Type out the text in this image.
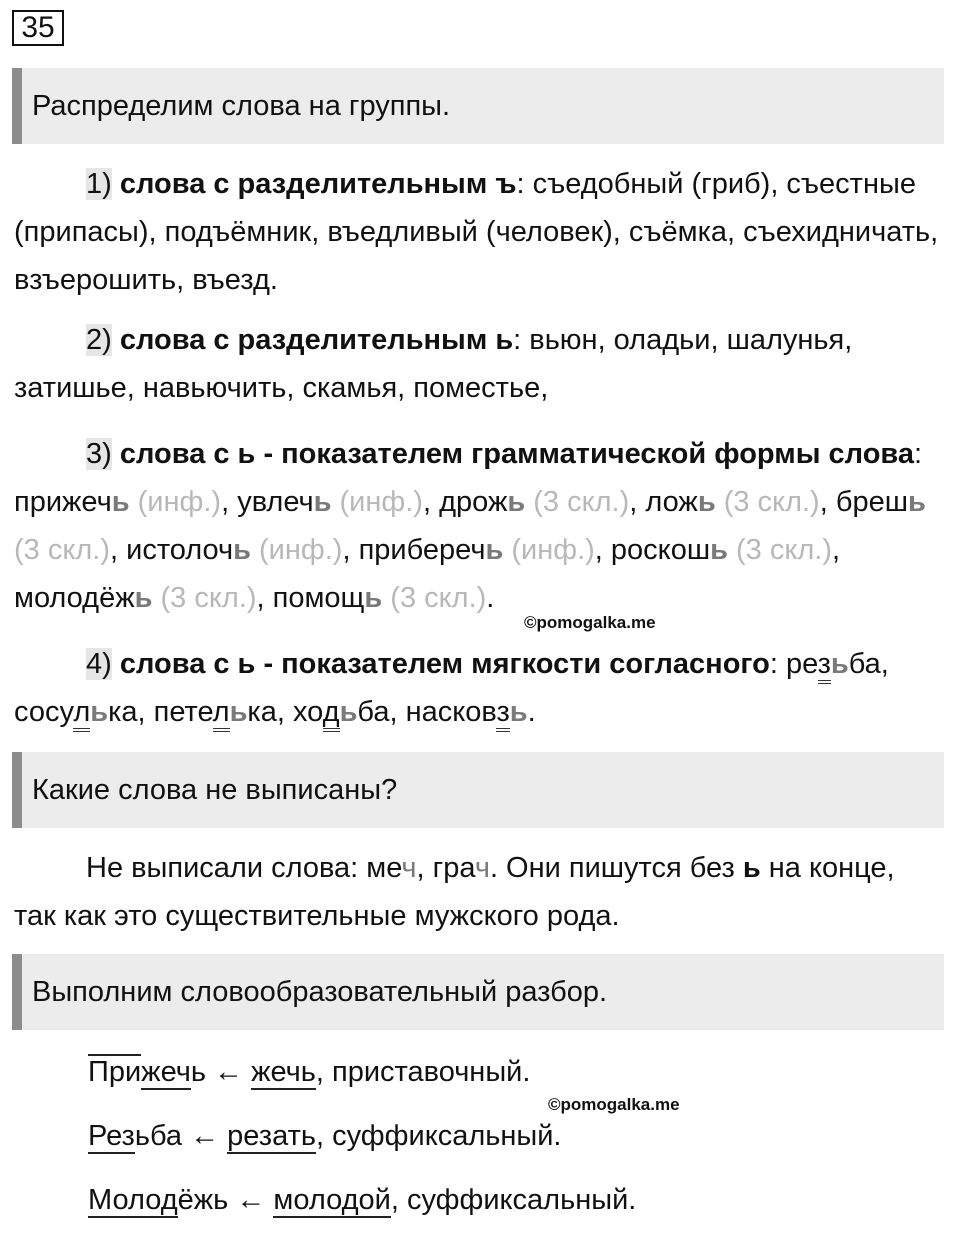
35
Распределим слова на группы.

1) слова с разделительным ъ: съедобный (гриб), съестные (припасы), подъёмник, въедливый (человек), съёмка, съехидничать, взъерошить, въезд.

2) слова с разделительным ь: вьюн, оладьи, шалунья, затишье, навьючить, скамья, поместье,

3) слова с ь - показателем грамматической формы слова: прижечь (инф.), увлечь (инф.), дрожь (3 скл.), ложь (3 скл.), брешь (3 скл.), истолочь (инф.), приберечь (инф.), роскошь (3 скл.), молодёжь (3 скл.), помощь (3 скл.).

©pomogalka.me

4) слова с ь - показателем мягкости согласного: резьба, сосулька, петелька, ходьба, насковзь.

Какие слова не выписаны?

Не выписали слова: меч, грач. Они пишутся без ь на конце, так как это существительные мужского рода.

Выполним словообразовательный разбор.
Прижечь ← жечь, приставочный.
©pomogalka.me
Резьба ← резать, суффиксальный.
Молодёжь ← молодой, суффиксальный.
